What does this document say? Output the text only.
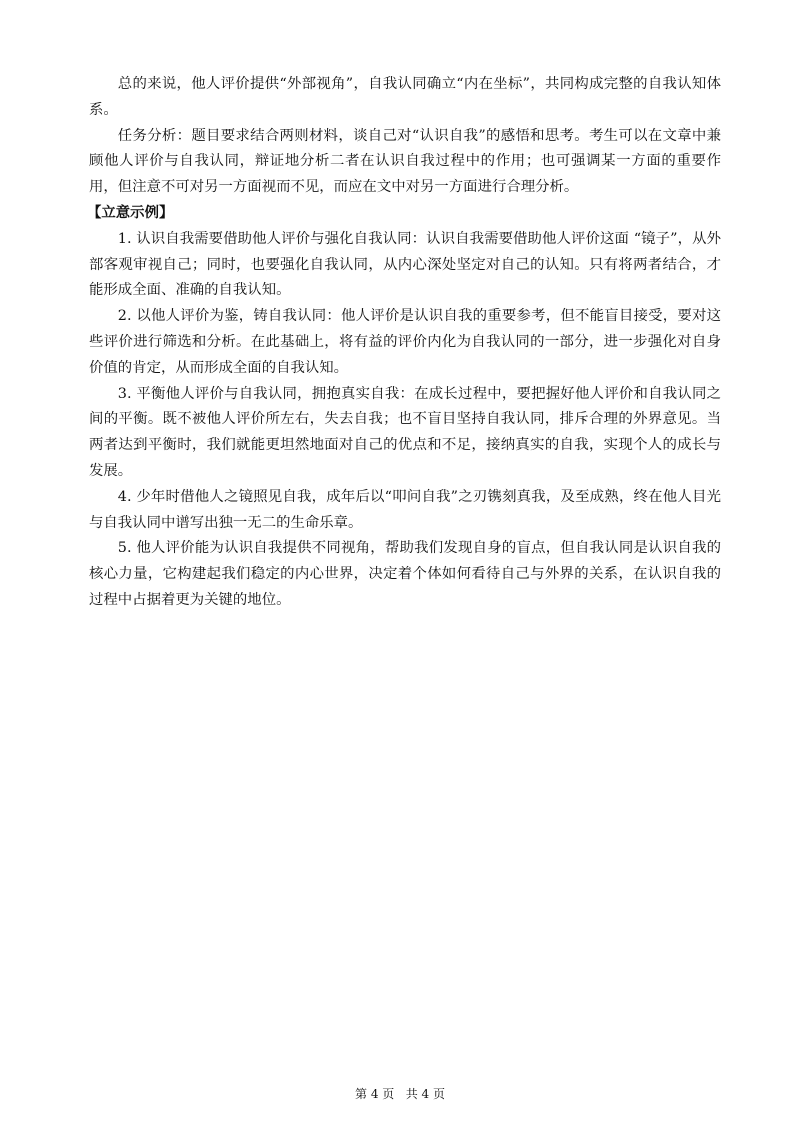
总的来说，他人评价提供“外部视角”，自我认同确立“内在坐标”，共同构成完整的自我认知体系。

任务分析：题目要求结合两则材料，谈自己对“认识自我”的感悟和思考。考生可以在文章中兼顾他人评价与自我认同，辩证地分析二者在认识自我过程中的作用；也可强调某一方面的重要作用，但注意不可对另一方面视而不见，而应在文中对另一方面进行合理分析。

【立意示例】

1. 认识自我需要借助他人评价与强化自我认同：认识自我需要借助他人评价这面 “镜子”，从外部客观审视自己；同时，也要强化自我认同，从内心深处坚定对自己的认知。只有将两者结合，才能形成全面、准确的自我认知。

2. 以他人评价为鉴，铸自我认同：他人评价是认识自我的重要参考，但不能盲目接受，要对这些评价进行筛选和分析。在此基础上，将有益的评价内化为自我认同的一部分，进一步强化对自身价值的肯定，从而形成全面的自我认知。

3. 平衡他人评价与自我认同，拥抱真实自我：在成长过程中，要把握好他人评价和自我认同之间的平衡。既不被他人评价所左右，失去自我；也不盲目坚持自我认同，排斥合理的外界意见。当两者达到平衡时，我们就能更坦然地面对自己的优点和不足，接纳真实的自我，实现个人的成长与发展。

4. 少年时借他人之镜照见自我，成年后以“叩问自我”之刃镌刻真我，及至成熟，终在他人目光与自我认同中谱写出独一无二的生命乐章。

5. 他人评价能为认识自我提供不同视角，帮助我们发现自身的盲点，但自我认同是认识自我的核心力量，它构建起我们稳定的内心世界，决定着个体如何看待自己与外界的关系，在认识自我的过程中占据着更为关键的地位。

第 4 页   共 4 页
